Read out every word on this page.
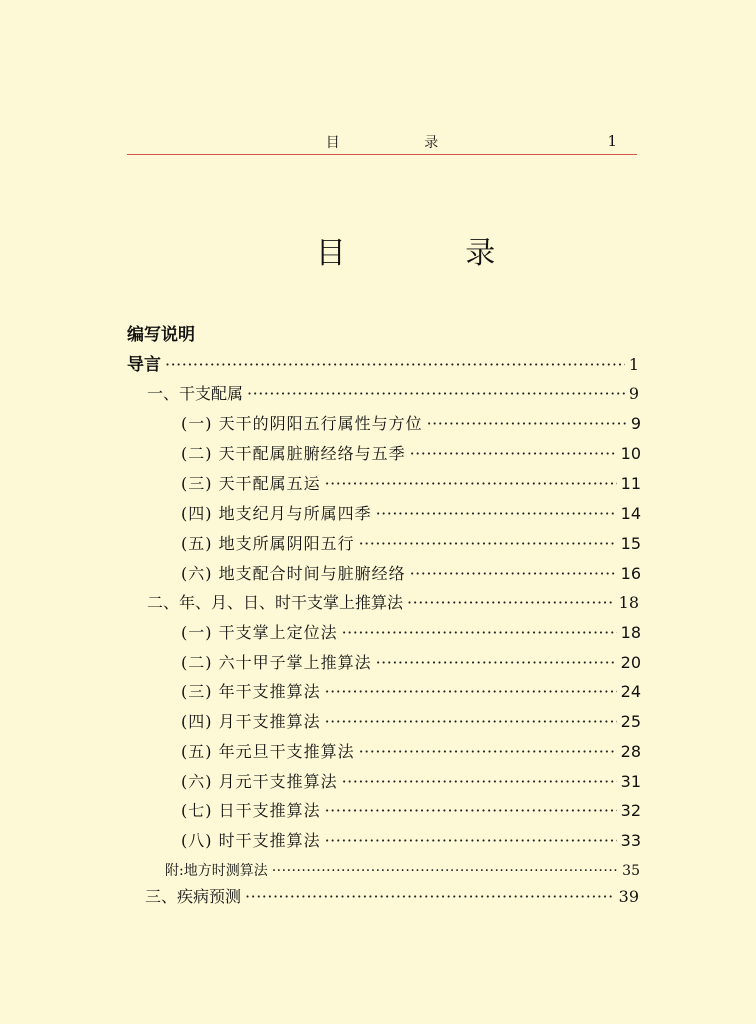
目 录	1
目 录
编写说明
导言 ·····	1
一、干支配属 ·····	9
(一) 天干的阴阳五行属性与方位 ·····	9
(二) 天干配属脏腑经络与五季 ·····	10
(三) 天干配属五运 ·····	11
(四) 地支纪月与所属四季 ·····	14
(五) 地支所属阴阳五行 ·····	15
(六) 地支配合时间与脏腑经络 ·····	16
二、年、月、日、时干支掌上推算法 ·····	18
(一) 干支掌上定位法 ·····	18
(二) 六十甲子掌上推算法 ·····	20
(三) 年干支推算法 ·····	24
(四) 月干支推算法 ·····	25
(五) 年元旦干支推算法 ·····	28
(六) 月元干支推算法 ·····	31
(七) 日干支推算法 ·····	32
(八) 时干支推算法 ·····	33
附:地方时测算法 ·····	35
三、疾病预测 ·····	39
